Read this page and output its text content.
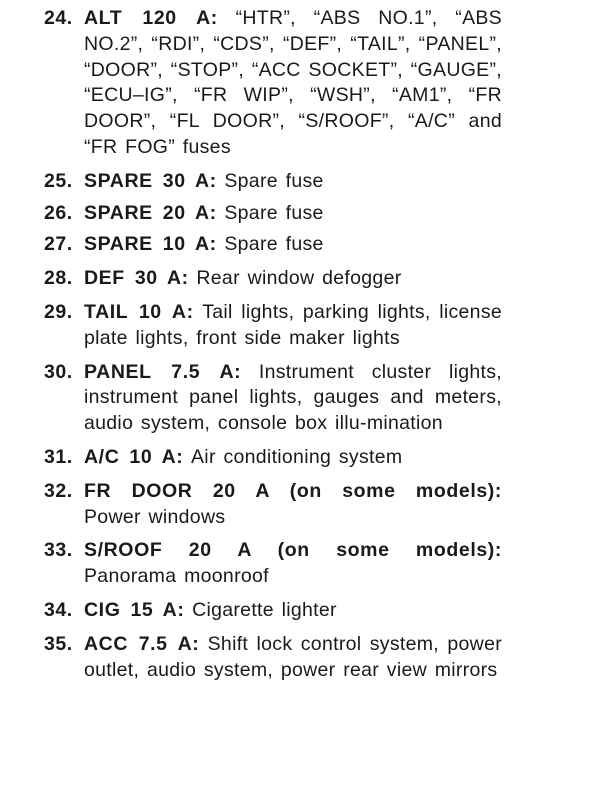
24. ALT 120 A: “HTR”, “ABS NO.1”, “ABS NO.2”, “RDI”, “CDS”, “DEF”, “TAIL”, “PANEL”, “DOOR”, “STOP”, “ACC SOCKET”, “GAUGE”, “ECU–IG”, “FR WIP”, “WSH”, “AM1”, “FR DOOR”, “FL DOOR”, “S/ROOF”, “A/C” and “FR FOG” fuses
25. SPARE 30 A: Spare fuse
26. SPARE 20 A: Spare fuse
27. SPARE 10 A: Spare fuse
28. DEF 30 A: Rear window defogger
29. TAIL 10 A: Tail lights, parking lights, license plate lights, front side maker lights
30. PANEL 7.5 A: Instrument cluster lights, instrument panel lights, gauges and meters, audio system, console box illu-mination
31. A/C 10 A: Air conditioning system
32. FR DOOR 20 A (on some models): Power windows
33. S/ROOF 20 A (on some models): Panorama moonroof
34. CIG 15 A: Cigarette lighter
35. ACC 7.5 A: Shift lock control system, power outlet, audio system, power rear view mirrors
